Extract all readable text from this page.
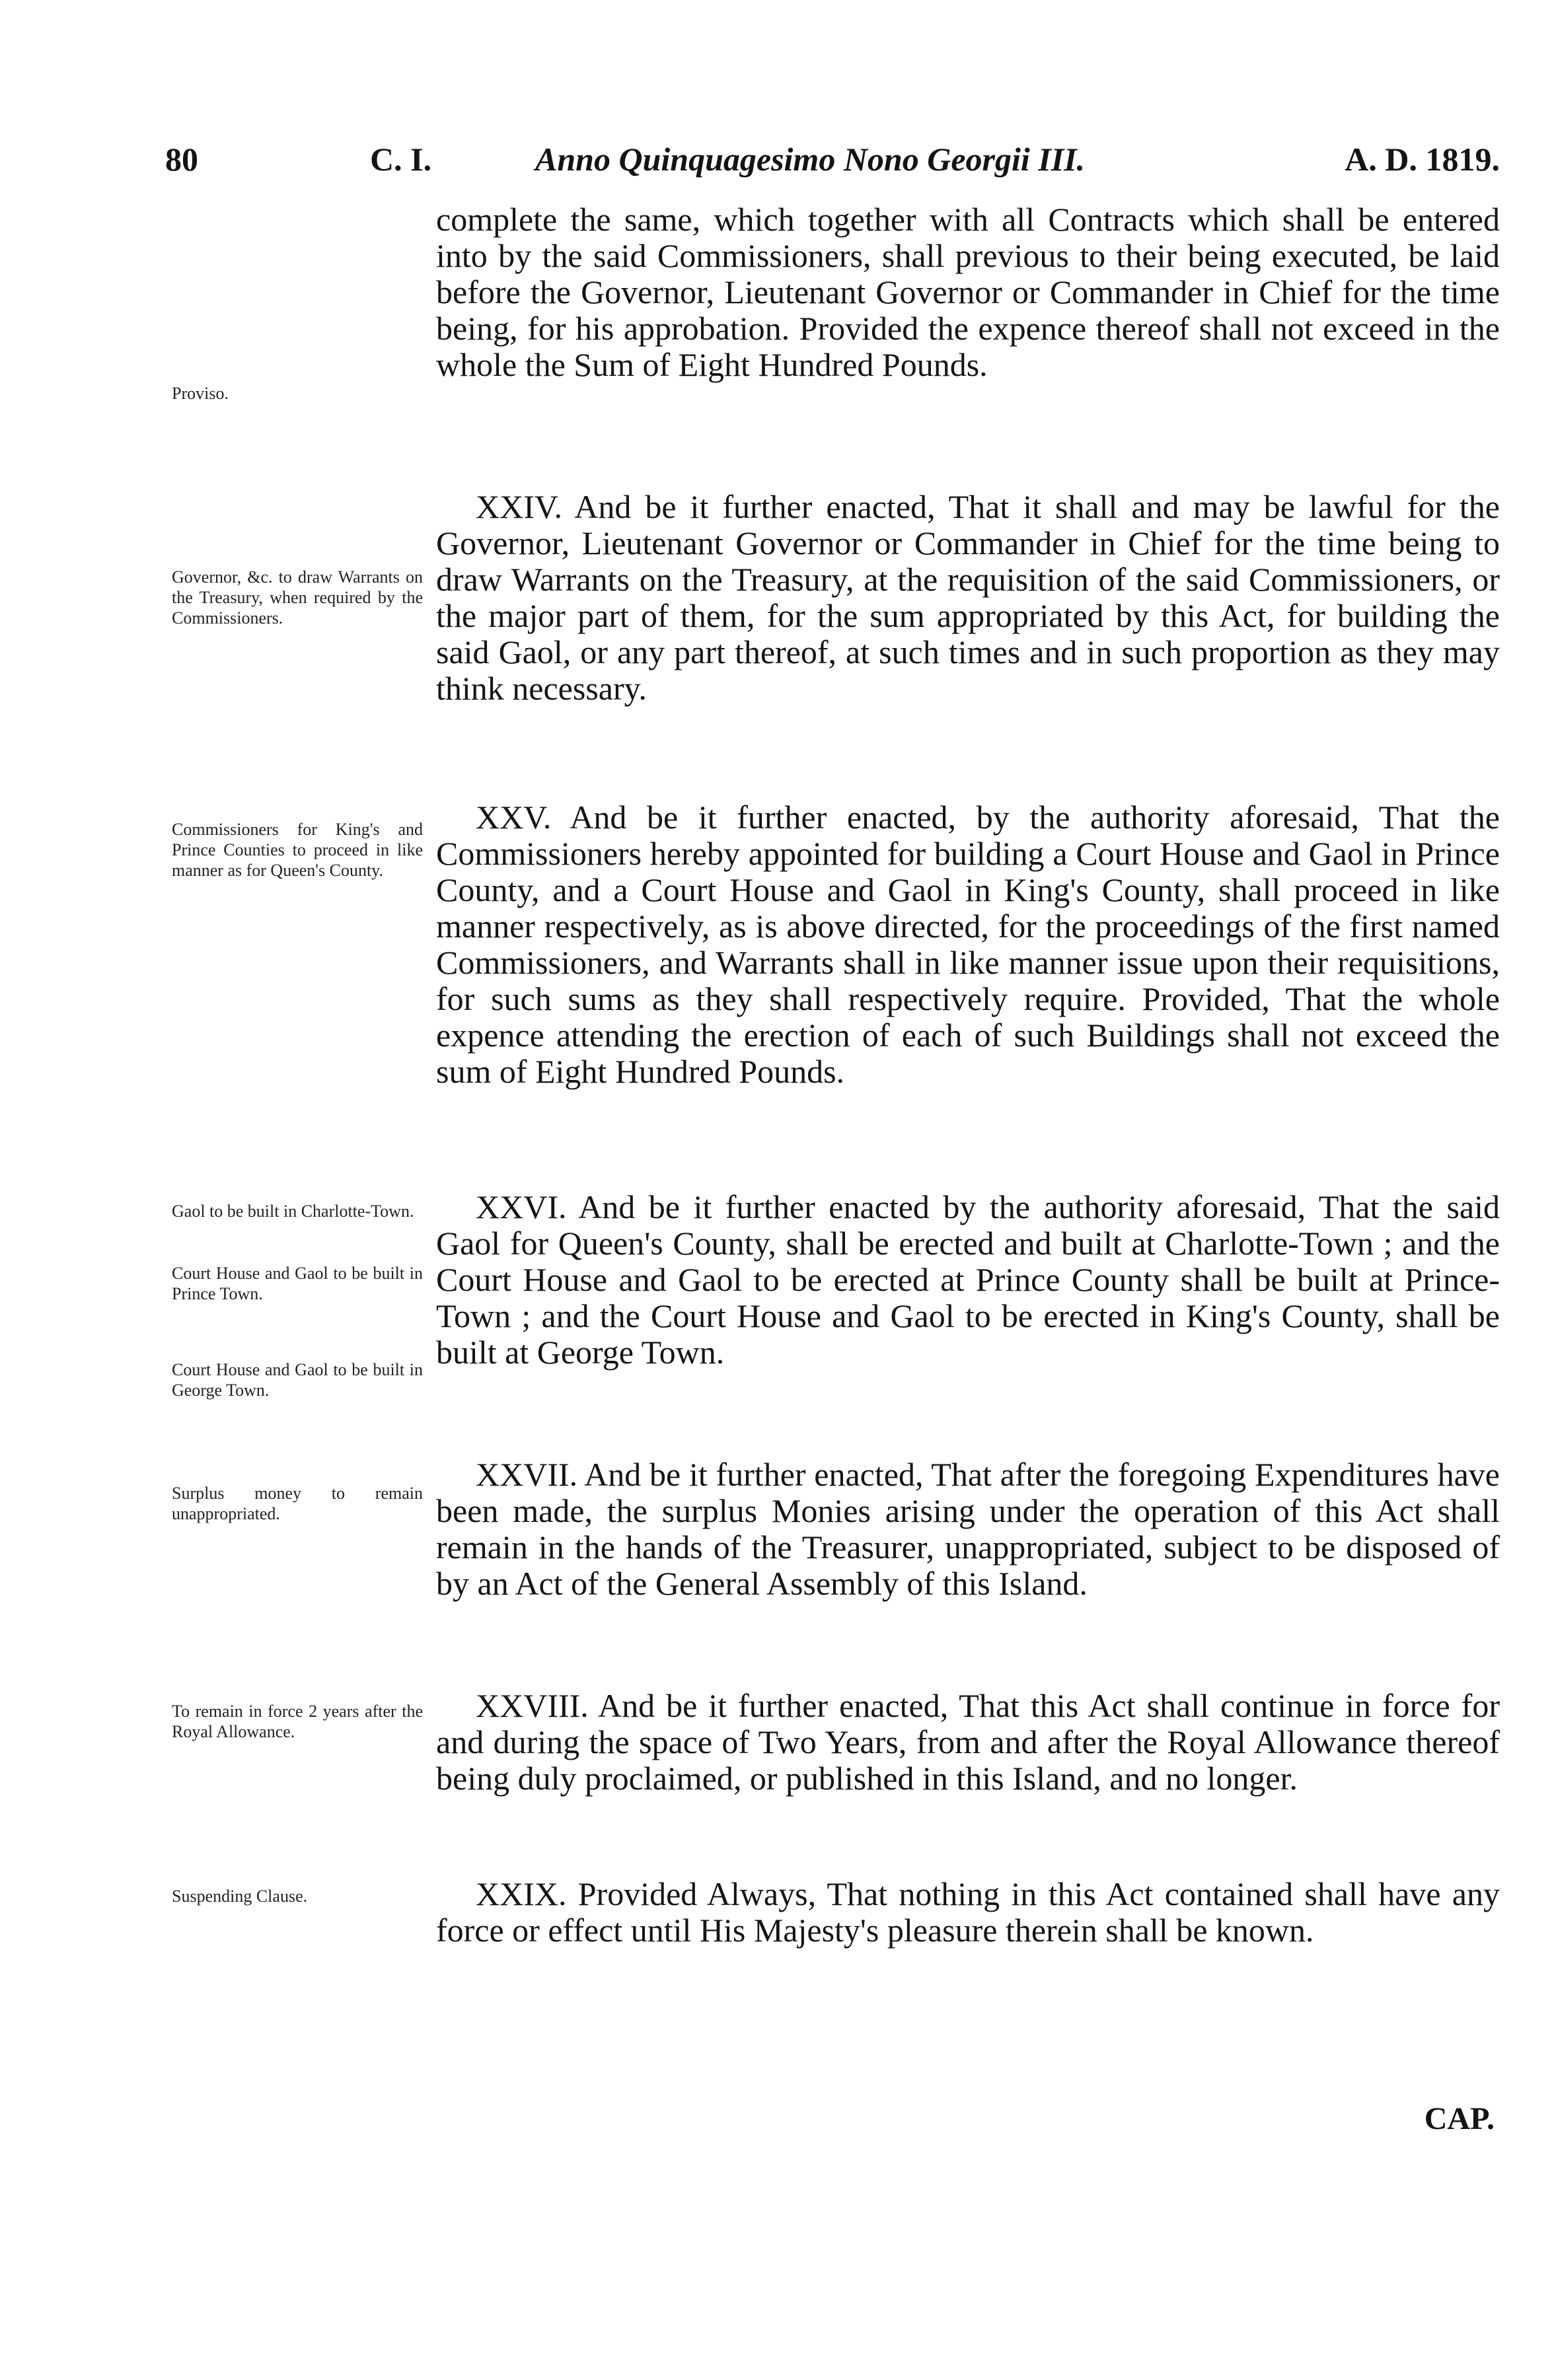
80	C. I.	Anno Quinquagesimo Nono Georgii III.	A. D. 1819.
Proviso.
Governor, &c. to draw Warrants on the Treasury, when required by the Commissioners.
Commissioners for King's and Prince Counties to proceed in like manner as for Queen's County.
Gaol to be built in Charlotte-Town.
Court House and Gaol to be built in Prince Town.
Court House and Gaol to be built in George Town.
Surplus money to remain unappropriated.
To remain in force 2 years after the Royal Allowance.
Suspending Clause.

complete the same, which together with all Contracts which shall be entered into by the said Commissioners, shall previous to their being executed, be laid before the Governor, Lieutenant Governor or Commander in Chief for the time being, for his approbation. Provided the expence thereof shall not exceed in the whole the Sum of Eight Hundred Pounds.

XXIV. And be it further enacted, That it shall and may be lawful for the Governor, Lieutenant Governor or Commander in Chief for the time being to draw Warrants on the Treasury, at the requisition of the said Commissioners, or the major part of them, for the sum appropriated by this Act, for building the said Gaol, or any part thereof, at such times and in such proportion as they may think necessary.

XXV. And be it further enacted, by the authority aforesaid, That the Commissioners hereby appointed for building a Court House and Gaol in Prince County, and a Court House and Gaol in King's County, shall proceed in like manner respectively, as is above directed, for the proceedings of the first named Commissioners, and Warrants shall in like manner issue upon their requisitions, for such sums as they shall respectively require. Provided, That the whole expence attending the erection of each of such Buildings shall not exceed the sum of Eight Hundred Pounds.

XXVI. And be it further enacted by the authority aforesaid, That the said Gaol for Queen's County, shall be erected and built at Charlotte-Town ; and the Court House and Gaol to be erected at Prince County shall be built at Prince-Town ; and the Court House and Gaol to be erected in King's County, shall be built at George Town.

XXVII. And be it further enacted, That after the foregoing Expenditures have been made, the surplus Monies arising under the operation of this Act shall remain in the hands of the Treasurer, unappropriated, subject to be disposed of by an Act of the General Assembly of this Island.

XXVIII. And be it further enacted, That this Act shall continue in force for and during the space of Two Years, from and after the Royal Allowance thereof being duly proclaimed, or published in this Island, and no longer.

XXIX. Provided Always, That nothing in this Act contained shall have any force or effect until His Majesty's pleasure therein shall be known.

CAP.
